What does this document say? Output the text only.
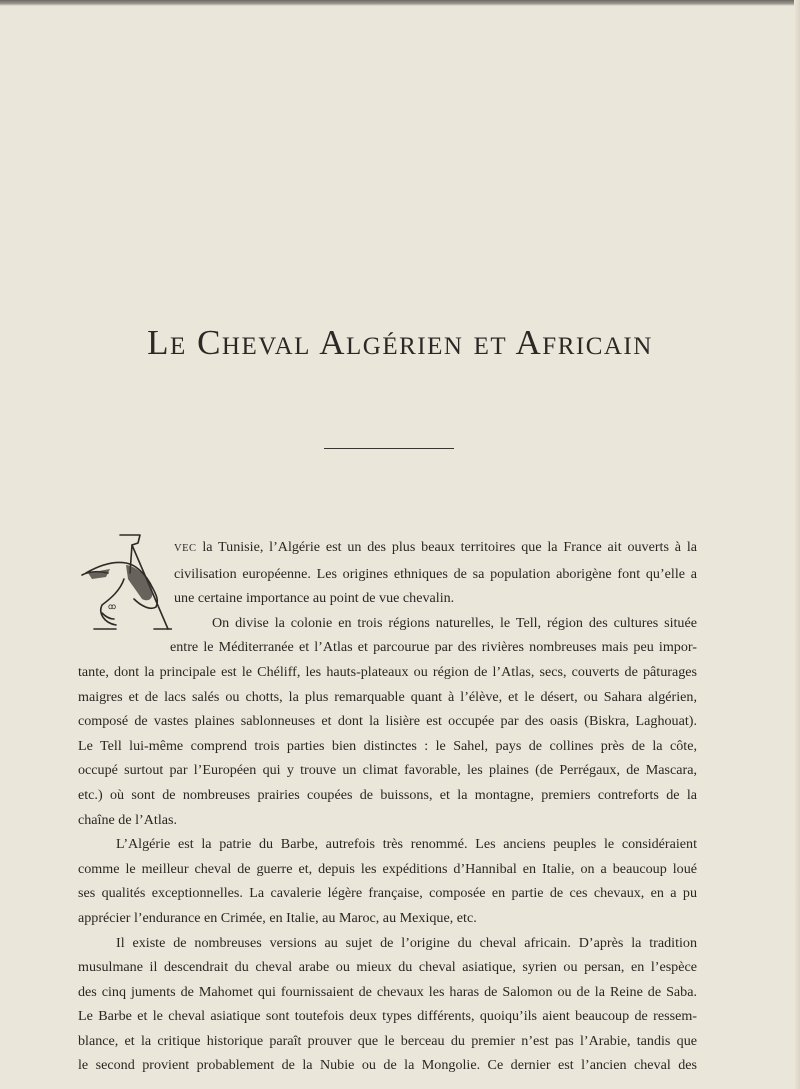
Le Cheval Algérien et Africain
ꝏ
A
VEC la Tunisie, l’Algérie est un des plus beaux territoires que la France ait ouverts à la
civilisation européenne. Les origines ethniques de sa population aborigène font qu’elle a
une certaine importance au point de vue chevalin.
On divise la colonie en trois régions naturelles, le Tell, région des cultures située
entre le Méditerranée et l’Atlas et parcourue par des rivières nombreuses mais peu impor-
tante, dont la principale est le Chéliff, les hauts-plateaux ou région de l’Atlas, secs, couverts de pâturages
maigres et de lacs salés ou chotts, la plus remarquable quant à l’élève, et le désert, ou Sahara algérien,
composé de vastes plaines sablonneuses et dont la lisière est occupée par des oasis (Biskra, Laghouat).
Le Tell lui-même comprend trois parties bien distinctes : le Sahel, pays de collines près de la côte,
occupé surtout par l’Européen qui y trouve un climat favorable, les plaines (de Perrégaux, de Mascara,
etc.) où sont de nombreuses prairies coupées de buissons, et la montagne, premiers contreforts de la
chaîne de l’Atlas.
L’Algérie est la patrie du Barbe, autrefois très renommé. Les anciens peuples le considéraient
comme le meilleur cheval de guerre et, depuis les expéditions d’Hannibal en Italie, on a beaucoup loué
ses qualités exceptionnelles. La cavalerie légère française, composée en partie de ces chevaux, en a pu
apprécier l’endurance en Crimée, en Italie, au Maroc, au Mexique, etc.
Il existe de nombreuses versions au sujet de l’origine du cheval africain. D’après la tradition
musulmane il descendrait du cheval arabe ou mieux du cheval asiatique, syrien ou persan, en l’espèce
des cinq juments de Mahomet qui fournissaient de chevaux les haras de Salomon ou de la Reine de Saba.
Le Barbe et le cheval asiatique sont toutefois deux types différents, quoiqu’ils aient beaucoup de ressem-
blance, et la critique historique paraît prouver que le berceau du premier n’est pas l’Arabie, tandis que
le second provient probablement de la Nubie ou de la Mongolie. Ce dernier est l’ancien cheval des
